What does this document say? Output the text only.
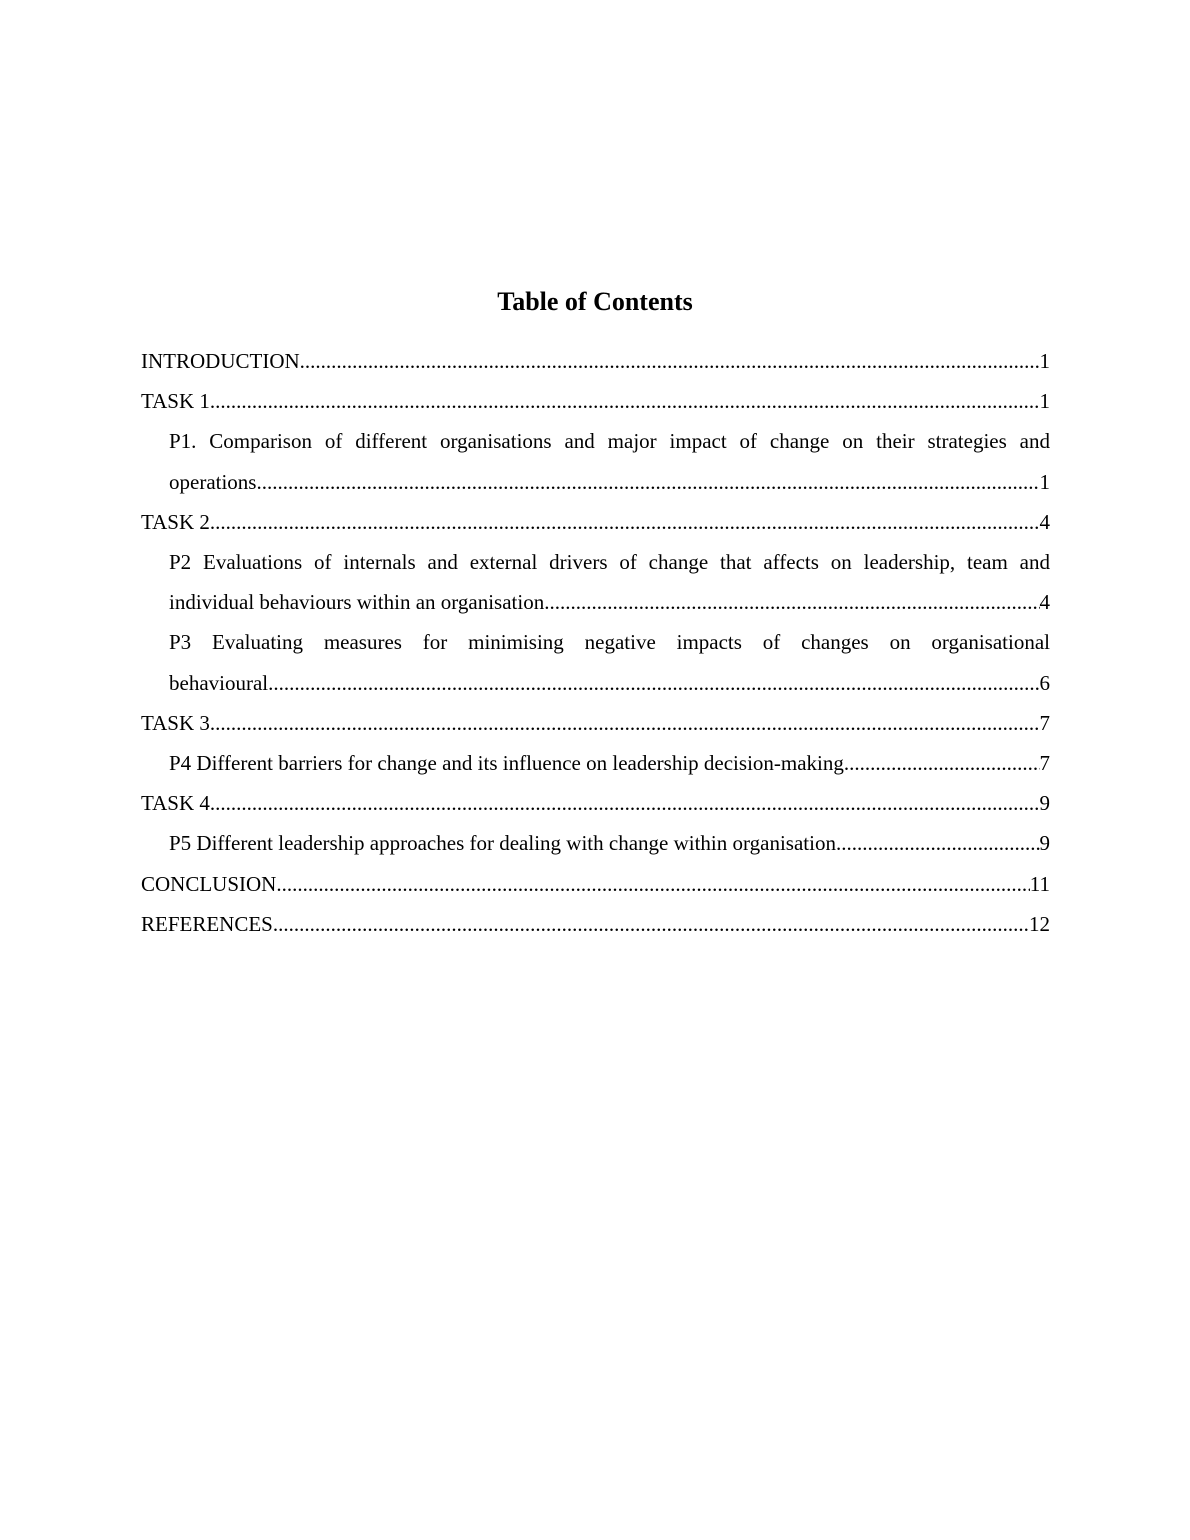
Table of Contents
INTRODUCTION .....	1
TASK 1 .....	1
P1. Comparison of different organisations and major impact of change on their strategies and
operations .....	1
TASK 2 .....	4
P2 Evaluations of internals and external drivers of change that affects on leadership, team and
individual behaviours within an organisation .....	4
P3 Evaluating measures for minimising negative impacts of changes on organisational
behavioural .....	6
TASK 3 .....	7
P4 Different barriers for change and its influence on leadership decision-making .....	7
TASK 4 .....	9
P5 Different leadership approaches for dealing with change within organisation .....	9
CONCLUSION .....	11
REFERENCES .....	12
